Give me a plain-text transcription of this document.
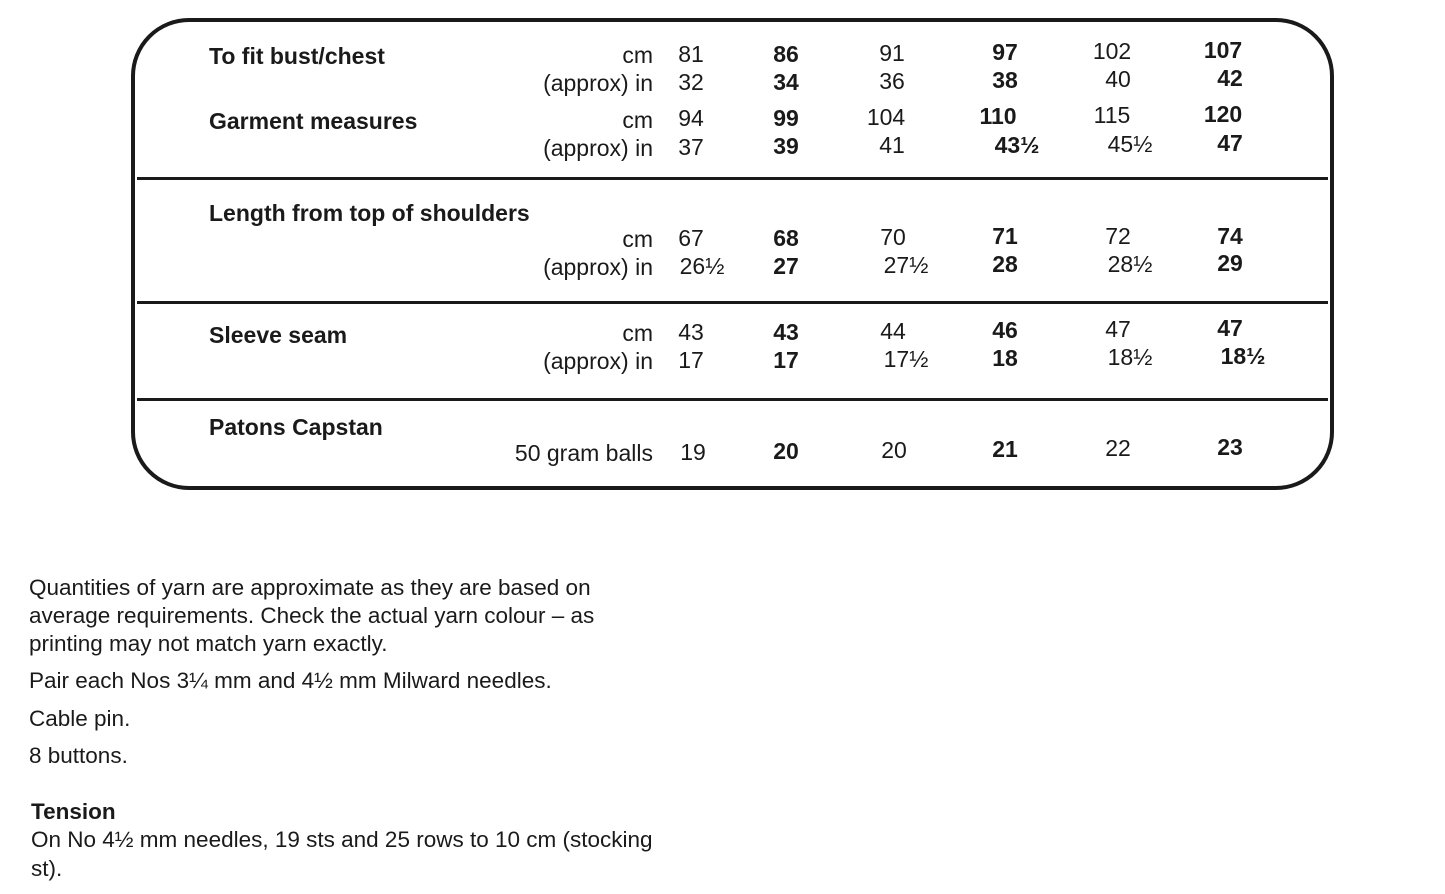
To fit bust/chest	cm	81	86	91	97	102	107
(approx) in	32	34	36	38	40	42
Garment measures	cm	94	99	104	110	115	120
(approx) in	37	39	41	43½	45½	47
Length from top of shoulders
cm	67	68	70	71	72	74
(approx) in	26½	27	27½	28	28½	29
Sleeve seam	cm	43	43	44	46	47	47
(approx) in	17	17	17½	18	18½	18½
Patons Capstan
50 gram balls	19	20	20	21	22	23
Quantities of yarn are approximate as they are based on
average requirements. Check the actual yarn colour – as
printing may not match yarn exactly.
Pair each Nos 3¼ mm and 4½ mm Milward needles.
Cable pin.
8 buttons.
Tension
On No 4½ mm needles, 19 sts and 25 rows to 10 cm (stocking
st).
